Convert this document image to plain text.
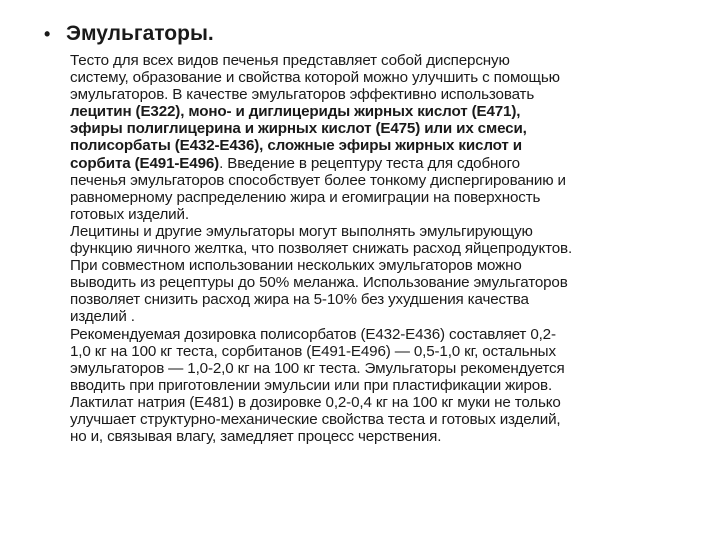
• Эмульгаторы.
Тесто для всех видов печенья представляет собой дисперсную
систему, образование и свойства которой можно улучшить с помощью
эмульгаторов. В качестве эмульгаторов эффективно использовать
лецитин (Е322), моно- и диглицериды жирных кислот (Е471),
эфиры полиглицерина и жирных кислот (Е475) или их смеси,
полисорбаты (Е432-Е436), сложные эфиры жирных кислот и
сорбита (Е491-Е496). Введение в рецептуру теста для сдобного
печенья эмульгаторов способствует более тонкому диспергированию и
равномерному распределению жира и егомиграции на поверхность
готовых изделий.
Лецитины и другие эмульгаторы могут выполнять эмульгирующую
функцию яичного желтка, что позволяет снижать расход яйцепродуктов.
При совместном использовании нескольких эмульгаторов можно
выводить из рецептуры до 50% меланжа. Использование эмульгаторов
позволяет снизить расход жира на 5-10% без ухудшения качества
изделий .
Рекомендуемая дозировка полисорбатов (Е432-Е436) составляет 0,2-
1,0 кг на 100 кг теста, сорбитанов (Е491-Е496) — 0,5-1,0 кг, остальных
эмульгаторов — 1,0-2,0 кг на 100 кг теста. Эмульгаторы рекомендуется
вводить при приготовлении эмульсии или при пластификации жиров.
Лактилат натрия (Е481) в дозировке 0,2-0,4 кг на 100 кг муки не только
улучшает структурно-механические свойства теста и готовых изделий,
но и, связывая влагу, замедляет процесс черствения.
